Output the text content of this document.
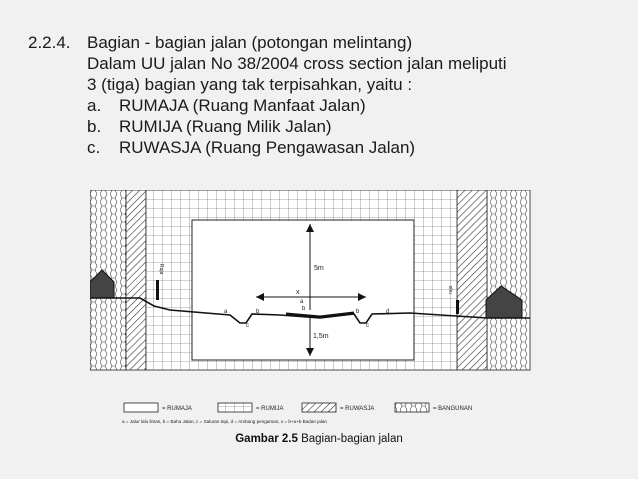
2.2.4. Bagian - bagian jalan (potongan melintang)
Dalam UU jalan No 38/2004 cross section jalan meliputi
3 (tiga) bagian yang tak terpisahkan, yaitu :
a. RUMAJA (Ruang Manfaat Jalan)
b. RUMIJA (Ruang Milik Jalan)
c. RUWASJA (Ruang Pengawasan Jalan)
Ruja
ruja
a	b
c
b
a
b
c
d
5m
x
1,5m
= RUMAJA	= RUMIJA	= RUWASJA	= BANGUNAN
a = Jalur lalu lintas, b = Bahu Jalan, c = Saluran tepi, d = Ambang pengaman, x = b+a+b Badan jalan
Gambar 2.5 Bagian-bagian jalan
